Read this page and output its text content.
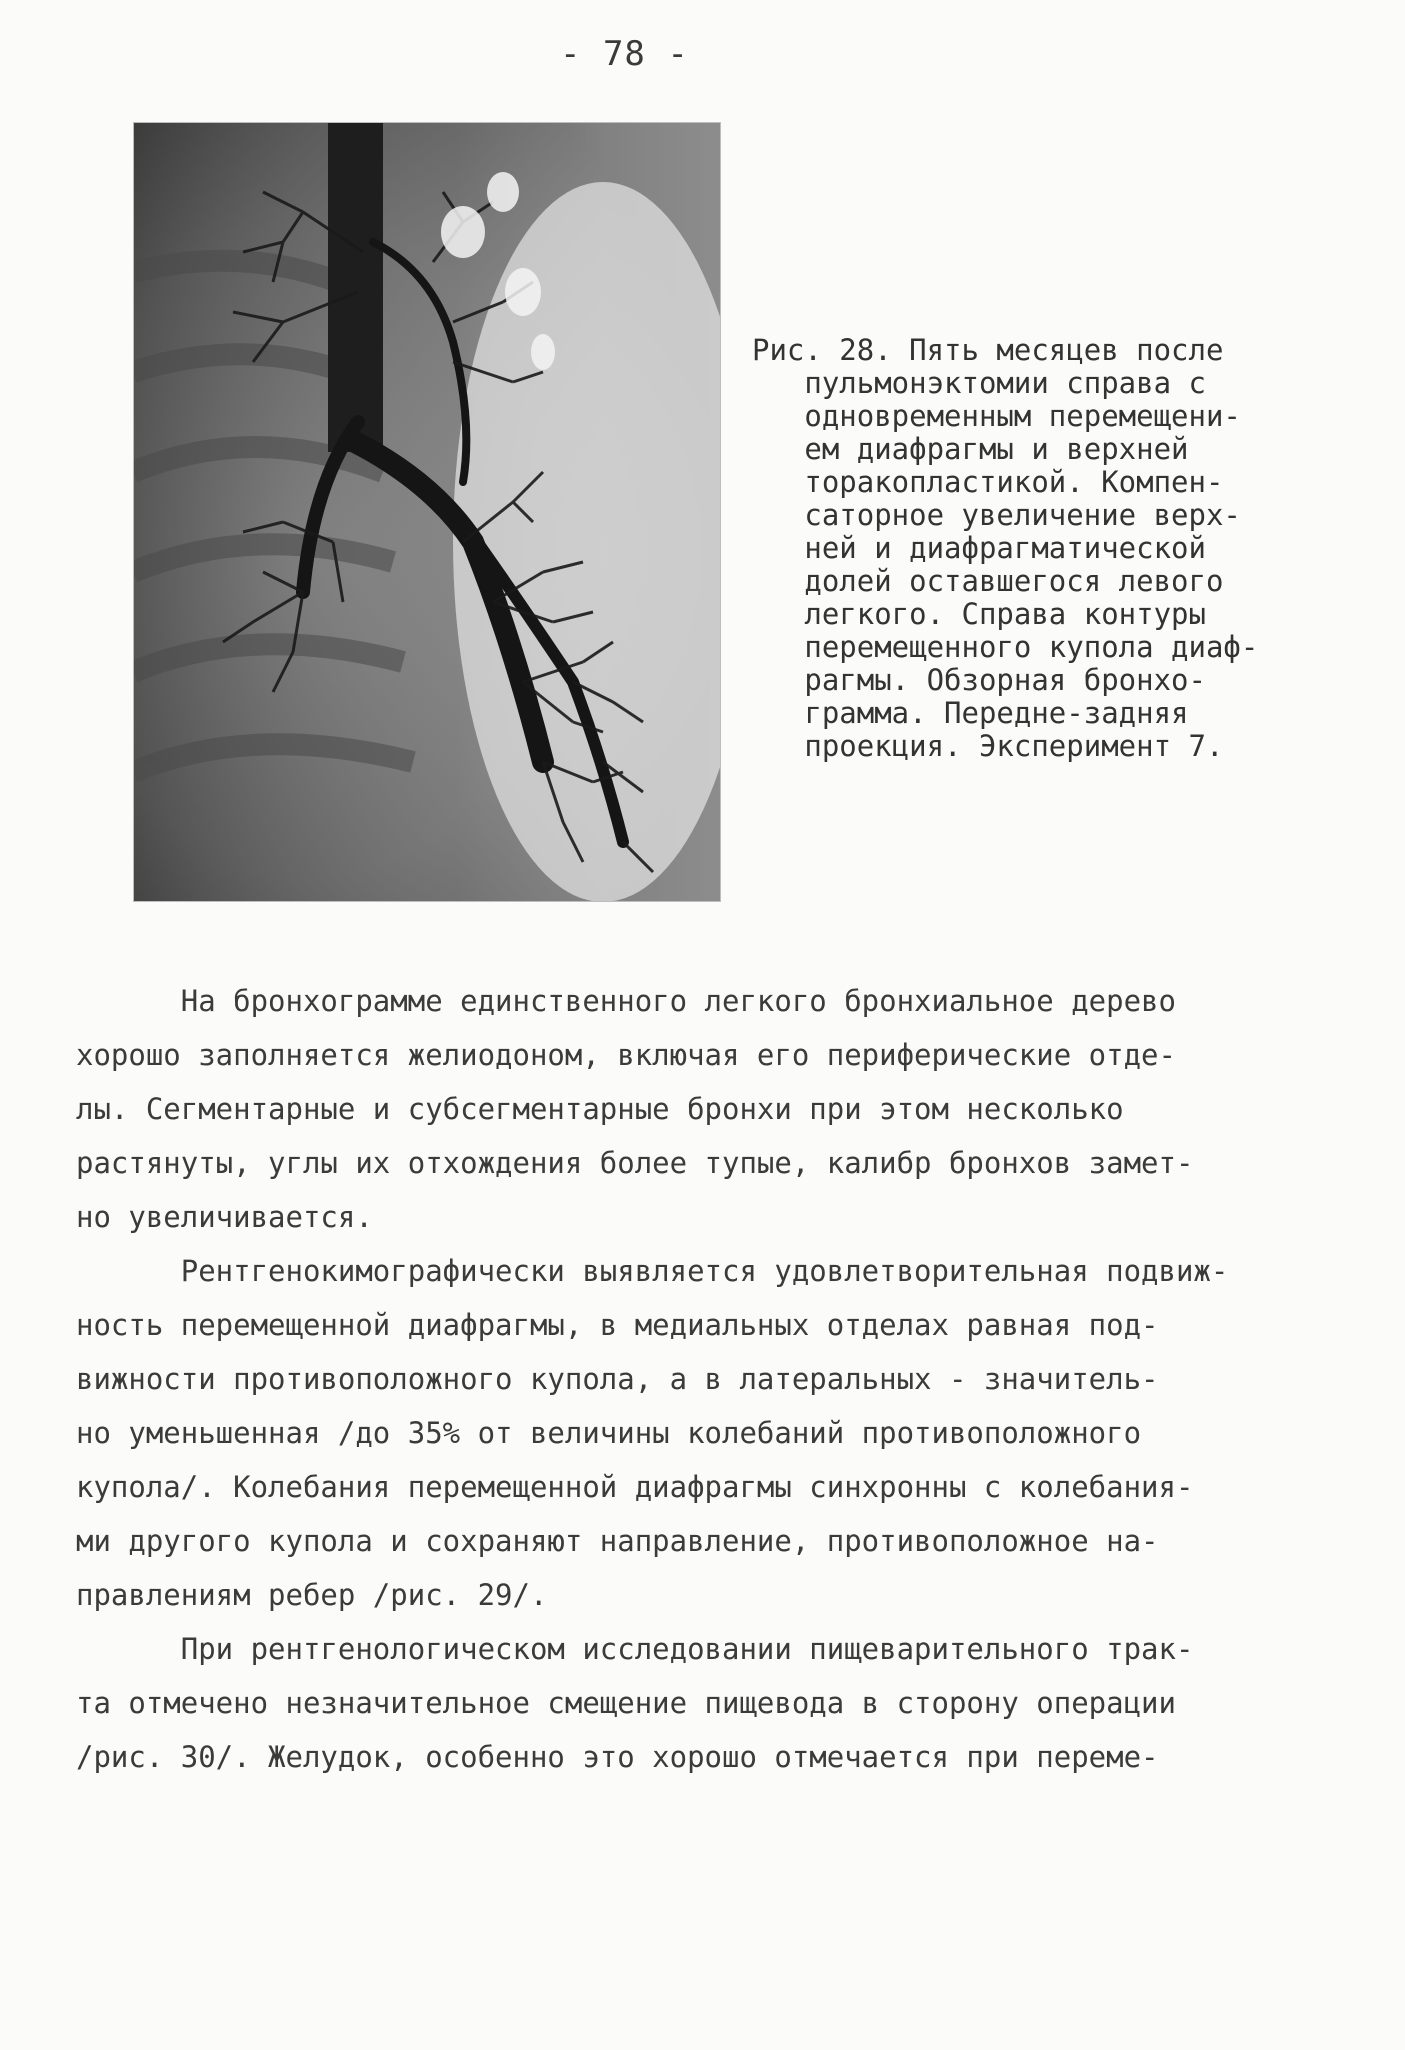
- 78 -
Рис. 28. Пять месяцев после
пульмонэктомии справа с
одновременным перемещени-
ем диафрагмы и верхней
торакопластикой. Компен-
саторное увеличение верх-
ней и диафрагматической
долей оставшегося левого
легкого. Справа контуры
перемещенного купола диаф-
рагмы. Обзорная бронхо-
грамма. Передне-задняя
проекция. Эксперимент 7.
На бронхограмме единственного легкого бронхиальное дерево
хорошо заполняется желиодоном, включая его периферические отде-
лы. Сегментарные и субсегментарные бронхи при этом несколько
растянуты, углы их отхождения более тупые, калибр бронхов замет-
но увеличивается.
Рентгенокимографически выявляется удовлетворительная подвиж-
ность перемещенной диафрагмы, в медиальных отделах равная под-
вижности противоположного купола, а в латеральных - значитель-
но уменьшенная /до 35% от величины колебаний противоположного
купола/. Колебания перемещенной диафрагмы синхронны с колебания-
ми другого купола и сохраняют направление, противоположное на-
правлениям ребер /рис. 29/.
При рентгенологическом исследовании пищеварительного трак-
та отмечено незначительное смещение пищевода в сторону операции
/рис. 30/. Желудок, особенно это хорошо отмечается при переме-
